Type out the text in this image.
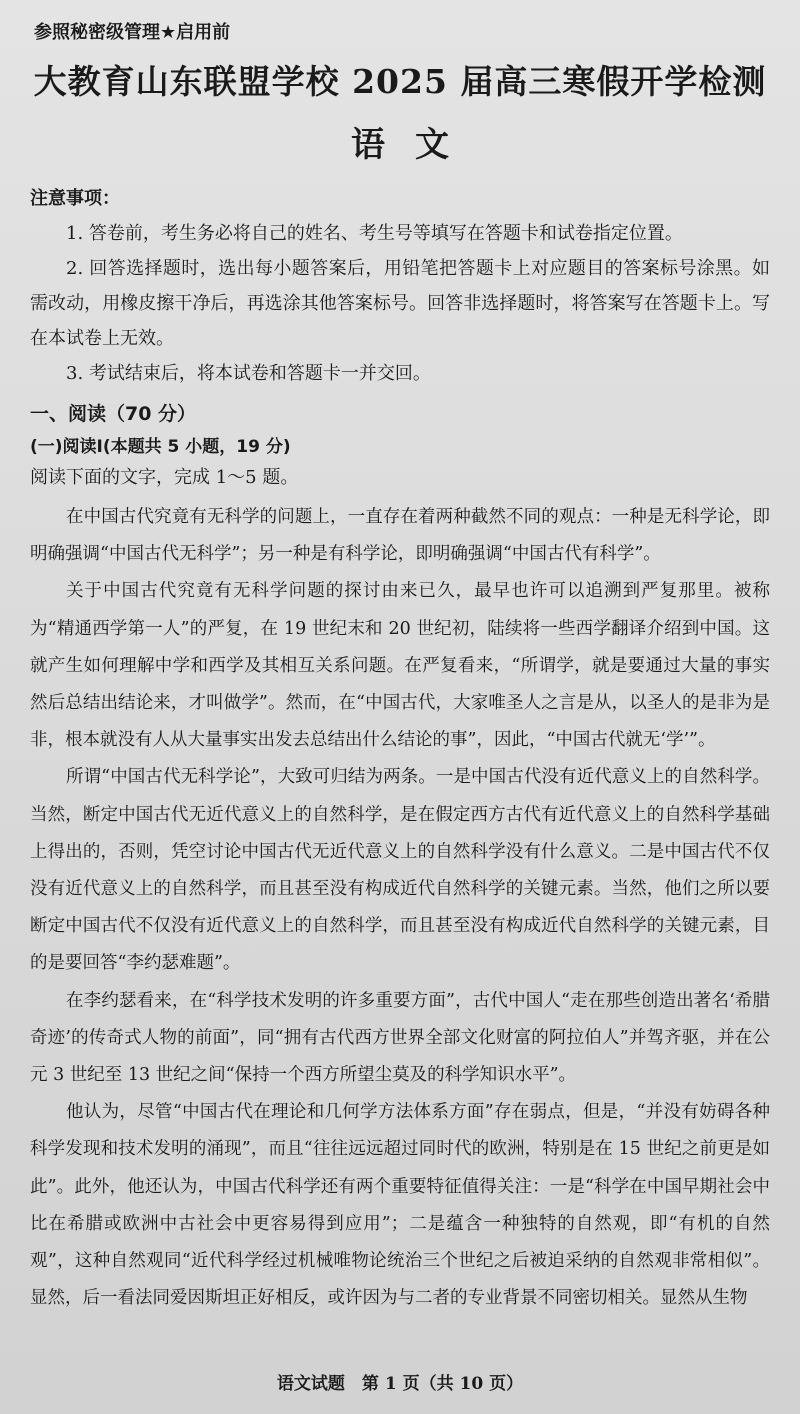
参照秘密级管理★启用前
大教育山东联盟学校 2025 届高三寒假开学检测
语文
注意事项：

1. 答卷前，考生务必将自己的姓名、考生号等填写在答题卡和试卷指定位置。

2. 回答选择题时，选出每小题答案后，用铅笔把答题卡上对应题目的答案标号涂黑。如需改动，用橡皮擦干净后，再选涂其他答案标号。回答非选择题时，将答案写在答题卡上。写在本试卷上无效。

3. 考试结束后，将本试卷和答题卡一并交回。

一、阅读（70 分）
(一)阅读Ⅰ(本题共 5 小题，19 分)
阅读下面的文字，完成 1～5 题。

在中国古代究竟有无科学的问题上，一直存在着两种截然不同的观点：一种是无科学论，即明确强调“中国古代无科学”；另一种是有科学论，即明确强调“中国古代有科学”。

关于中国古代究竟有无科学问题的探讨由来已久，最早也许可以追溯到严复那里。被称为“精通西学第一人”的严复，在 19 世纪末和 20 世纪初，陆续将一些西学翻译介绍到中国。这就产生如何理解中学和西学及其相互关系问题。在严复看来，“所谓学，就是要通过大量的事实然后总结出结论来，才叫做学”。然而，在“中国古代，大家唯圣人之言是从，以圣人的是非为是非，根本就没有人从大量事实出发去总结出什么结论的事”，因此，“中国古代就无‘学’”。

所谓“中国古代无科学论”，大致可归结为两条。一是中国古代没有近代意义上的自然科学。当然，断定中国古代无近代意义上的自然科学，是在假定西方古代有近代意义上的自然科学基础上得出的，否则，凭空讨论中国古代无近代意义上的自然科学没有什么意义。二是中国古代不仅没有近代意义上的自然科学，而且甚至没有构成近代自然科学的关键元素。当然，他们之所以要断定中国古代不仅没有近代意义上的自然科学，而且甚至没有构成近代自然科学的关键元素，目的是要回答“李约瑟难题”。

在李约瑟看来，在“科学技术发明的许多重要方面”，古代中国人“走在那些创造出著名‘希腊奇迹’的传奇式人物的前面”，同“拥有古代西方世界全部文化财富的阿拉伯人”并驾齐驱，并在公元 3 世纪至 13 世纪之间“保持一个西方所望尘莫及的科学知识水平”。

他认为，尽管“中国古代在理论和几何学方法体系方面”存在弱点，但是，“并没有妨碍各种科学发现和技术发明的涌现”，而且“往往远远超过同时代的欧洲，特别是在 15 世纪之前更是如此”。此外，他还认为，中国古代科学还有两个重要特征值得关注：一是“科学在中国早期社会中比在希腊或欧洲中古社会中更容易得到应用”；二是蕴含一种独特的自然观，即“有机的自然观”，这种自然观同“近代科学经过机械唯物论统治三个世纪之后被迫采纳的自然观非常相似”。显然，后一看法同爱因斯坦正好相反，或许因为与二者的专业背景不同密切相关。显然从生物

语文试题　第 1 页（共 10 页）
